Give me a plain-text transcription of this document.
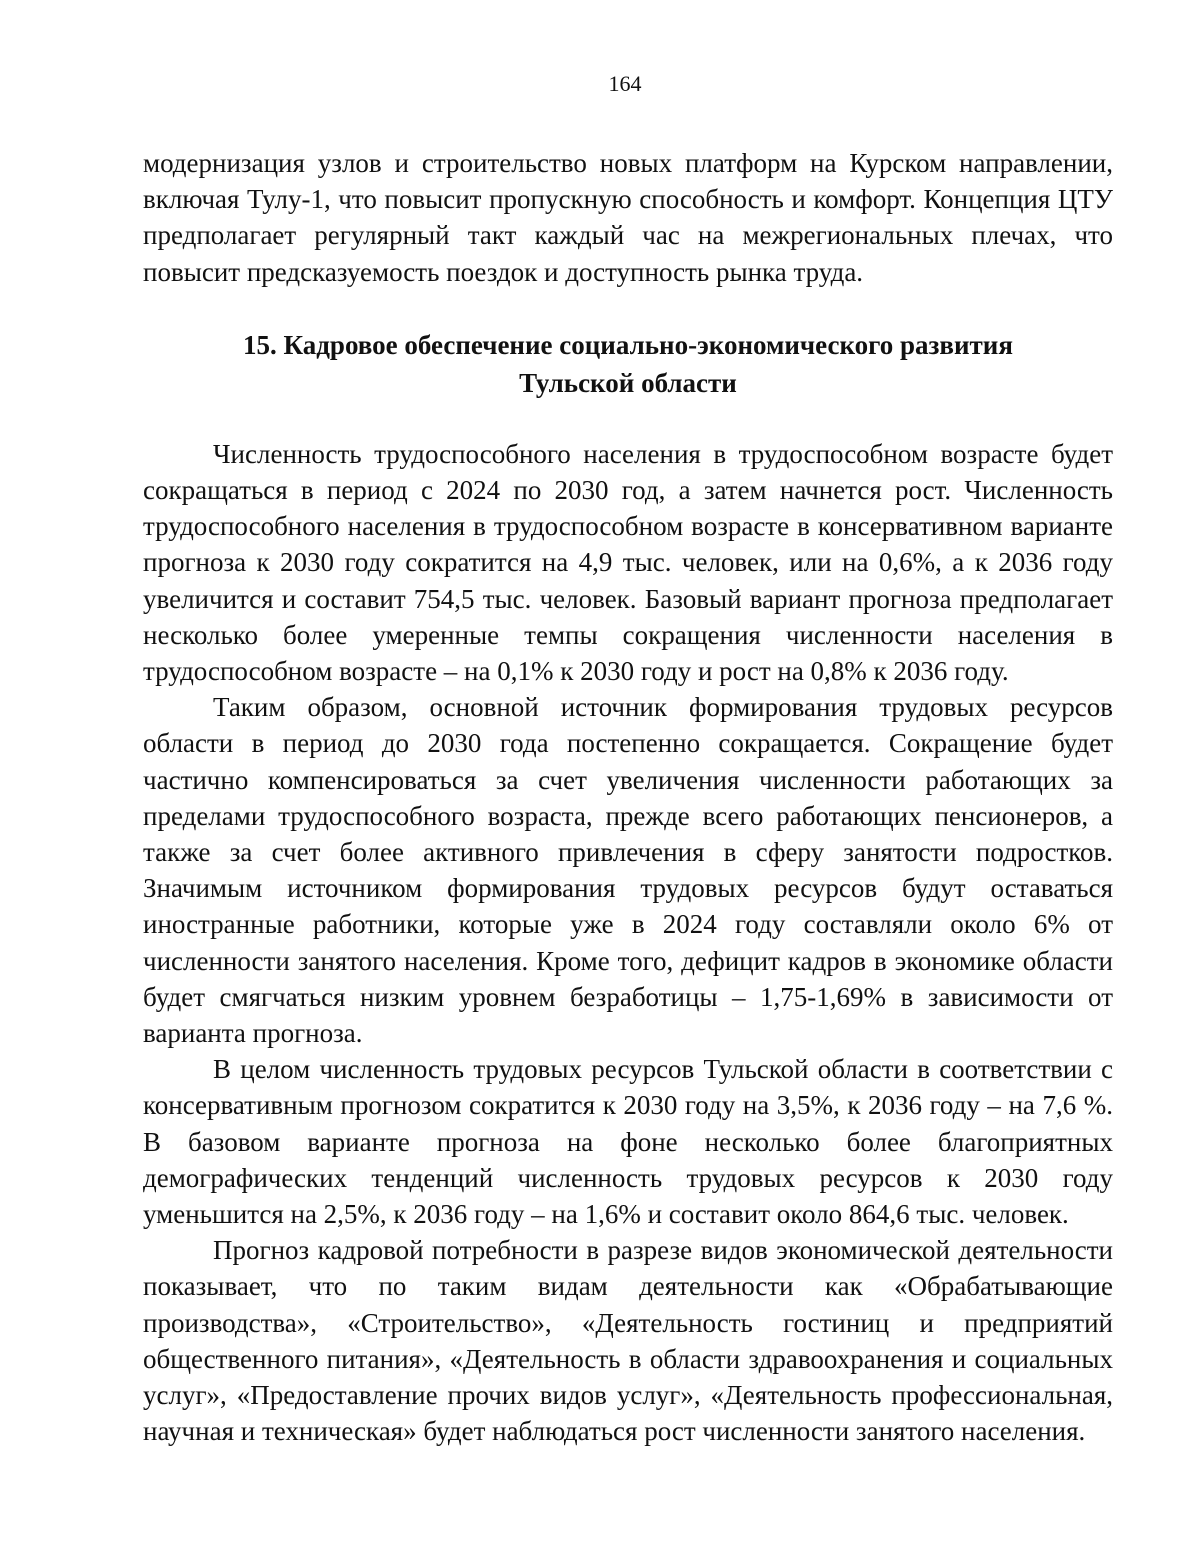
164

модернизация узлов и строительство новых платформ на Курском направлении, включая Тулу-1, что повысит пропускную способность и комфорт. Концепция ЦТУ предполагает регулярный такт каждый час на межрегиональных плечах, что повысит предсказуемость поездок и доступность рынка труда.

15. Кадровое обеспечение социально-экономического развития
Тульской области

Численность трудоспособного населения в трудоспособном возрасте будет сокращаться в период с 2024 по 2030 год, а затем начнется рост. Численность трудоспособного населения в трудоспособном возрасте в консервативном варианте прогноза к 2030 году сократится на 4,9 тыс. человек, или на 0,6%, а к 2036 году увеличится и составит 754,5 тыс. человек. Базовый вариант прогноза предполагает несколько более умеренные темпы сокращения численности населения в трудоспособном возрасте – на 0,1% к 2030 году и рост на 0,8% к 2036 году.

Таким образом, основной источник формирования трудовых ресурсов области в период до 2030 года постепенно сокращается. Сокращение будет частично компенсироваться за счет увеличения численности работающих за пределами трудоспособного возраста, прежде всего работающих пенсионеров, а также за счет более активного привлечения в сферу занятости подростков. Значимым источником формирования трудовых ресурсов будут оставаться иностранные работники, которые уже в 2024 году составляли около 6% от численности занятого населения. Кроме того, дефицит кадров в экономике области будет смягчаться низким уровнем безработицы – 1,75-1,69% в зависимости от варианта прогноза.

В целом численность трудовых ресурсов Тульской области в соответствии с консервативным прогнозом сократится к 2030 году на 3,5%, к 2036 году – на 7,6 %. В базовом варианте прогноза на фоне несколько более благоприятных демографических тенденций численность трудовых ресурсов к 2030 году уменьшится на 2,5%, к 2036 году – на 1,6% и составит около 864,6 тыс. человек.

Прогноз кадровой потребности в разрезе видов экономической деятельности показывает, что по таким видам деятельности как «Обрабатывающие производства», «Строительство», «Деятельность гостиниц и предприятий общественного питания», «Деятельность в области здравоохранения и социальных услуг», «Предоставление прочих видов услуг», «Деятельность профессиональная, научная и техническая» будет наблюдаться рост численности занятого населения.
